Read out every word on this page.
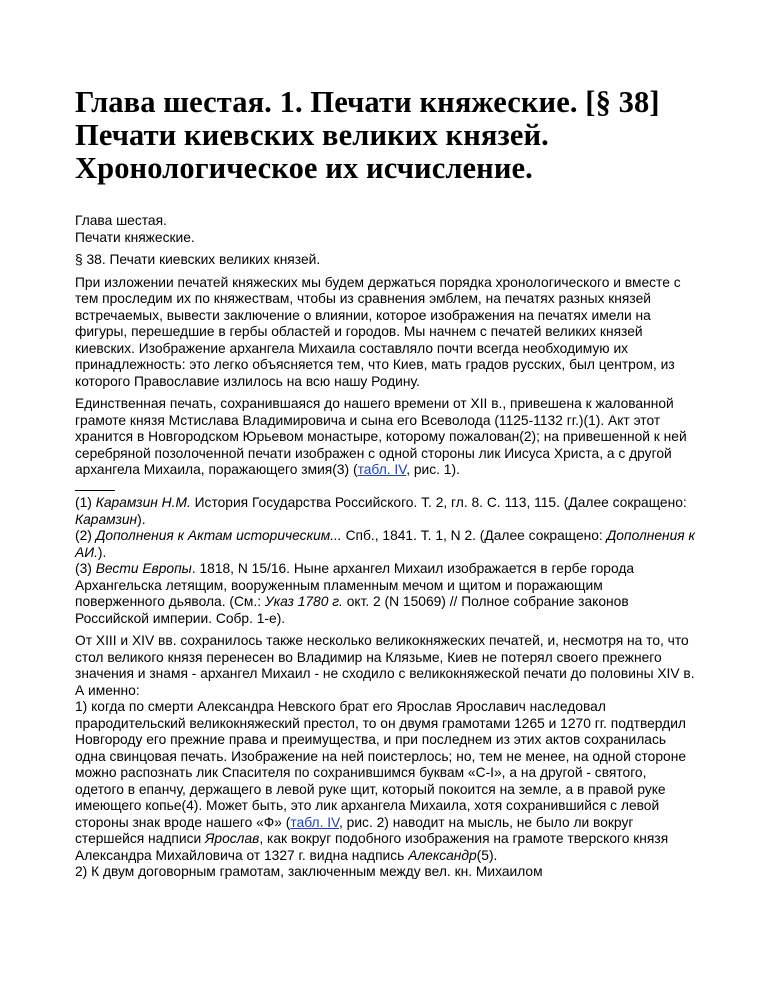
Глава шестая. 1. Печати княжеские. [§ 38] Печати киевских великих князей. Хронологическое их исчисление.

Глава шестая.

Печати княжеские.

§ 38. Печати киевских великих князей.

При изложении печатей княжеских мы будем держаться порядка хронологического и вместе с тем проследим их по княжествам, чтобы из сравнения эмблем, на печатях разных князей встречаемых, вывести заключение о влиянии, которое изображения на печатях имели на фигуры, перешедшие в гербы областей и городов. Мы начнем с печатей великих князей киевских. Изображение архангела Михаила составляло почти всегда необходимую их принадлежность: это легко объясняется тем, что Киев, мать градов русских, был центром, из которого Православие излилось на всю нашу Родину.

Единственная печать, сохранившаяся до нашего времени от XII в., привешена к жалованной грамоте князя Мстислава Владимировича и сына его Всеволода (1125-1132 гг.)(1). Акт этот хранится в Новгородском Юрьевом монастыре, которому пожалован(2); на привешенной к ней серебряной позолоченной печати изображен с одной стороны лик Иисуса Христа, а с другой архангела Михаила, поражающего змия(3) (табл. IV, рис. 1).

(1) Карамзин Н.М. История Государства Российского. Т. 2, гл. 8. С. 113, 115. (Далее сокращено: Карамзин).

(2) Дополнения к Актам историческим... Спб., 1841. Т. 1, N 2. (Далее сокращено: Дополнения к АИ.).

(3) Вести Европы. 1818, N 15/16. Ныне архангел Михаил изображается в гербе города Архангельска летящим, вооруженным пламенным мечом и щитом и поражающим поверженного дьявола. (См.: Указ 1780 г. окт. 2 (N 15069) // Полное собрание законов Российской империи. Собр. 1-е).

От XIII и XIV вв. сохранилось также несколько великокняжеских печатей, и, несмотря на то, что стол великого князя перенесен во Владимир на Клязьме, Киев не потерял своего прежнего значения и знамя - архангел Михаил - не сходило с великокняжеской печати до половины XIV в. А именно:

1) когда по смерти Александра Невского брат его Ярослав Ярославич наследовал прародительский великокняжеский престол, то он двумя грамотами 1265 и 1270 гг. подтвердил Новгороду его прежние права и преимущества, и при последнем из этих актов сохранилась одна свинцовая печать. Изображение на ней поистерлось; но, тем не менее, на одной стороне можно распознать лик Спасителя по сохранившимся буквам «C-I», а на другой - святого, одетого в епанчу, держащего в левой руке щит, который покоится на земле, а в правой руке имеющего копье(4). Может быть, это лик архангела Михаила, хотя сохранившийся с левой стороны знак вроде нашего «Ф» (табл. IV, рис. 2) наводит на мысль, не было ли вокруг стершейся надписи Ярослав, как вокруг подобного изображения на грамоте тверского князя Александра Михайловича от 1327 г. видна надпись Александр(5).

2) К двум договорным грамотам, заключенным между вел. кн. Михаилом
